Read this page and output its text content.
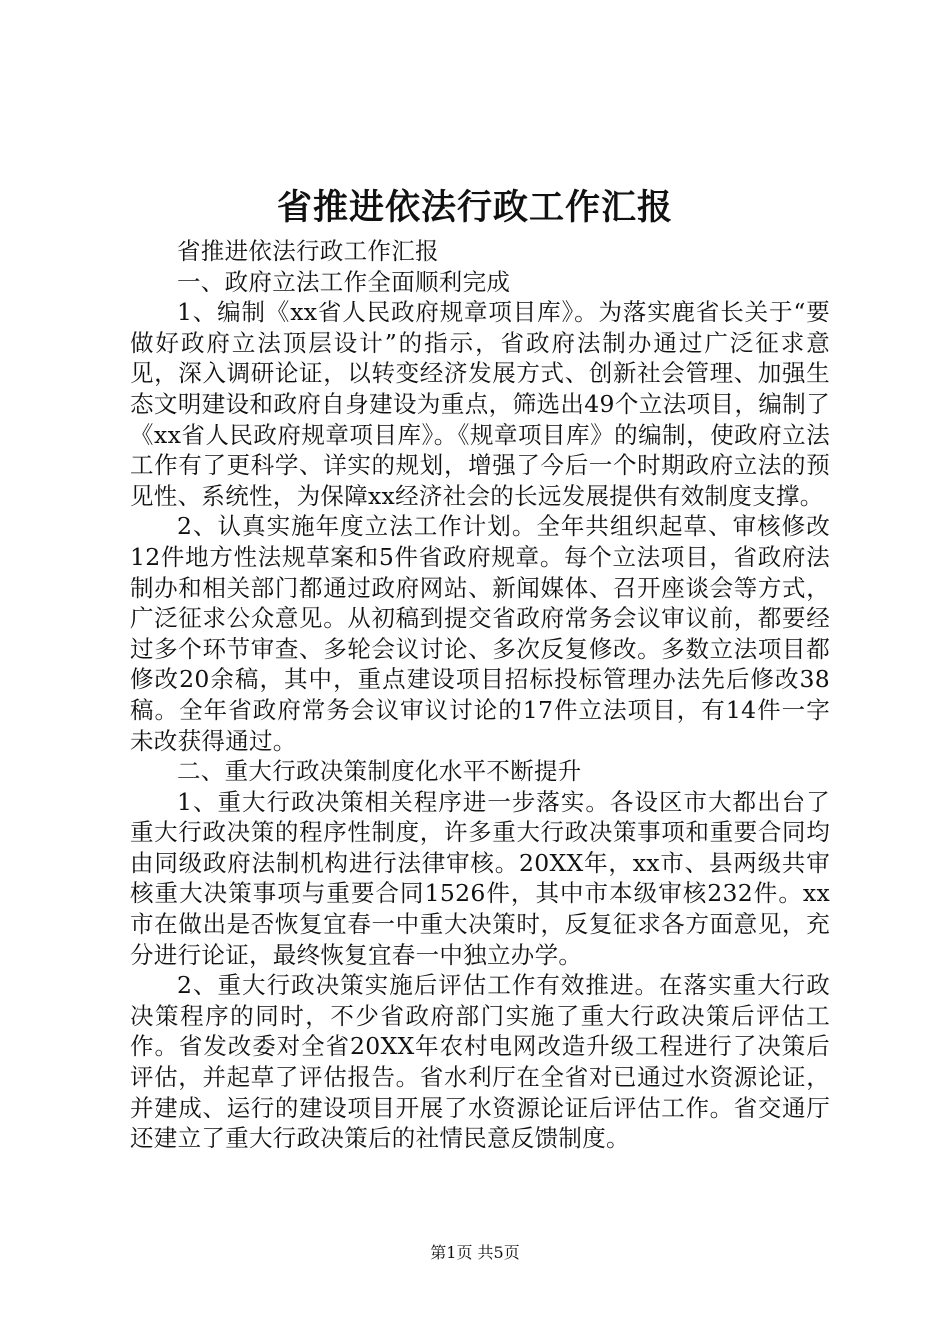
省推进依法行政工作汇报

省推进依法行政工作汇报

一、政府立法工作全面顺利完成

1、编制《xx省人民政府规章项目库》。为落实鹿省长关于“要做好政府立法顶层设计”的指示，省政府法制办通过广泛征求意见，深入调研论证，以转变经济发展方式、创新社会管理、加强生态文明建设和政府自身建设为重点，筛选出49个立法项目，编制了《xx省人民政府规章项目库》。《规章项目库》的编制，使政府立法工作有了更科学、详实的规划，增强了今后一个时期政府立法的预见性、系统性，为保障xx经济社会的长远发展提供有效制度支撑。

2、认真实施年度立法工作计划。全年共组织起草、审核修改12件地方性法规草案和5件省政府规章。每个立法项目，省政府法制办和相关部门都通过政府网站、新闻媒体、召开座谈会等方式，广泛征求公众意见。从初稿到提交省政府常务会议审议前，都要经过多个环节审查、多轮会议讨论、多次反复修改。多数立法项目都修改20余稿，其中，重点建设项目招标投标管理办法先后修改38稿。全年省政府常务会议审议讨论的17件立法项目，有14件一字未改获得通过。

二、重大行政决策制度化水平不断提升

1、重大行政决策相关程序进一步落实。各设区市大都出台了重大行政决策的程序性制度，许多重大行政决策事项和重要合同均由同级政府法制机构进行法律审核。20XX年，xx市、县两级共审核重大决策事项与重要合同1526件，其中市本级审核232件。xx市在做出是否恢复宜春一中重大决策时，反复征求各方面意见，充分进行论证，最终恢复宜春一中独立办学。

2、重大行政决策实施后评估工作有效推进。在落实重大行政决策程序的同时，不少省政府部门实施了重大行政决策后评估工作。省发改委对全省20XX年农村电网改造升级工程进行了决策后评估，并起草了评估报告。省水利厅在全省对已通过水资源论证，并建成、运行的建设项目开展了水资源论证后评估工作。省交通厅还建立了重大行政决策后的社情民意反馈制度。

第1页 共5页
